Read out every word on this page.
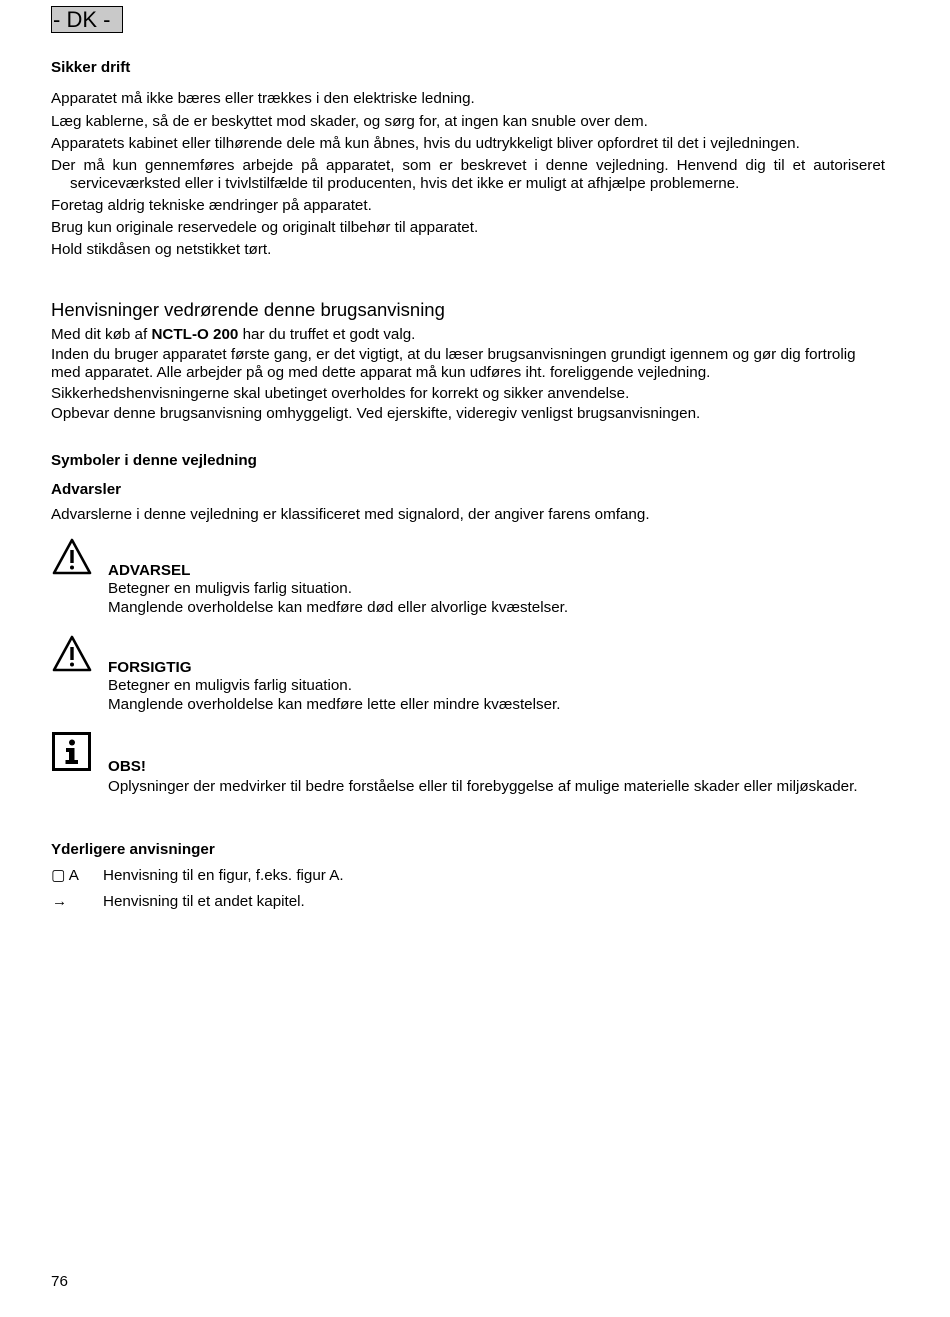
- DK -
Sikker drift
Apparatet må ikke bæres eller trækkes i den elektriske ledning.
Læg kablerne, så de er beskyttet mod skader, og sørg for, at ingen kan snuble over dem.
Apparatets kabinet eller tilhørende dele må kun åbnes, hvis du udtrykkeligt bliver opfordret til det i vejledningen.
Der må kun gennemføres arbejde på apparatet, som er beskrevet i denne vejledning. Henvend dig til et autoriseret serviceværksted eller i tvivlstilfælde til producenten, hvis det ikke er muligt at afhjælpe problemerne.
Foretag aldrig tekniske ændringer på apparatet.
Brug kun originale reservedele og originalt tilbehør til apparatet.
Hold stikdåsen og netstikket tørt.
Henvisninger vedrørende denne brugsanvisning
Med dit køb af NCTL-O 200 har du truffet et godt valg.
Inden du bruger apparatet første gang, er det vigtigt, at du læser brugsanvisningen grundigt igennem og gør dig fortrolig med apparatet. Alle arbejder på og med dette apparat må kun udføres iht. foreliggende vejledning.
Sikkerhedshenvisningerne skal ubetinget overholdes for korrekt og sikker anvendelse.
Opbevar denne brugsanvisning omhyggeligt. Ved ejerskifte, videregiv venligst brugsanvisningen.
Symboler i denne vejledning
Advarsler
Advarslerne i denne vejledning er klassificeret med signalord, der angiver farens omfang.
ADVARSEL
Betegner en muligvis farlig situation.
Manglende overholdelse kan medføre død eller alvorlige kvæstelser.
FORSIGTIG
Betegner en muligvis farlig situation.
Manglende overholdelse kan medføre lette eller mindre kvæstelser.
OBS!
Oplysninger der medvirker til bedre forståelse eller til forebyggelse af mulige materielle skader eller miljøskader.
Yderligere anvisninger
▢ A Henvisning til en figur, f.eks. figur A.
→ Henvisning til et andet kapitel.
76
